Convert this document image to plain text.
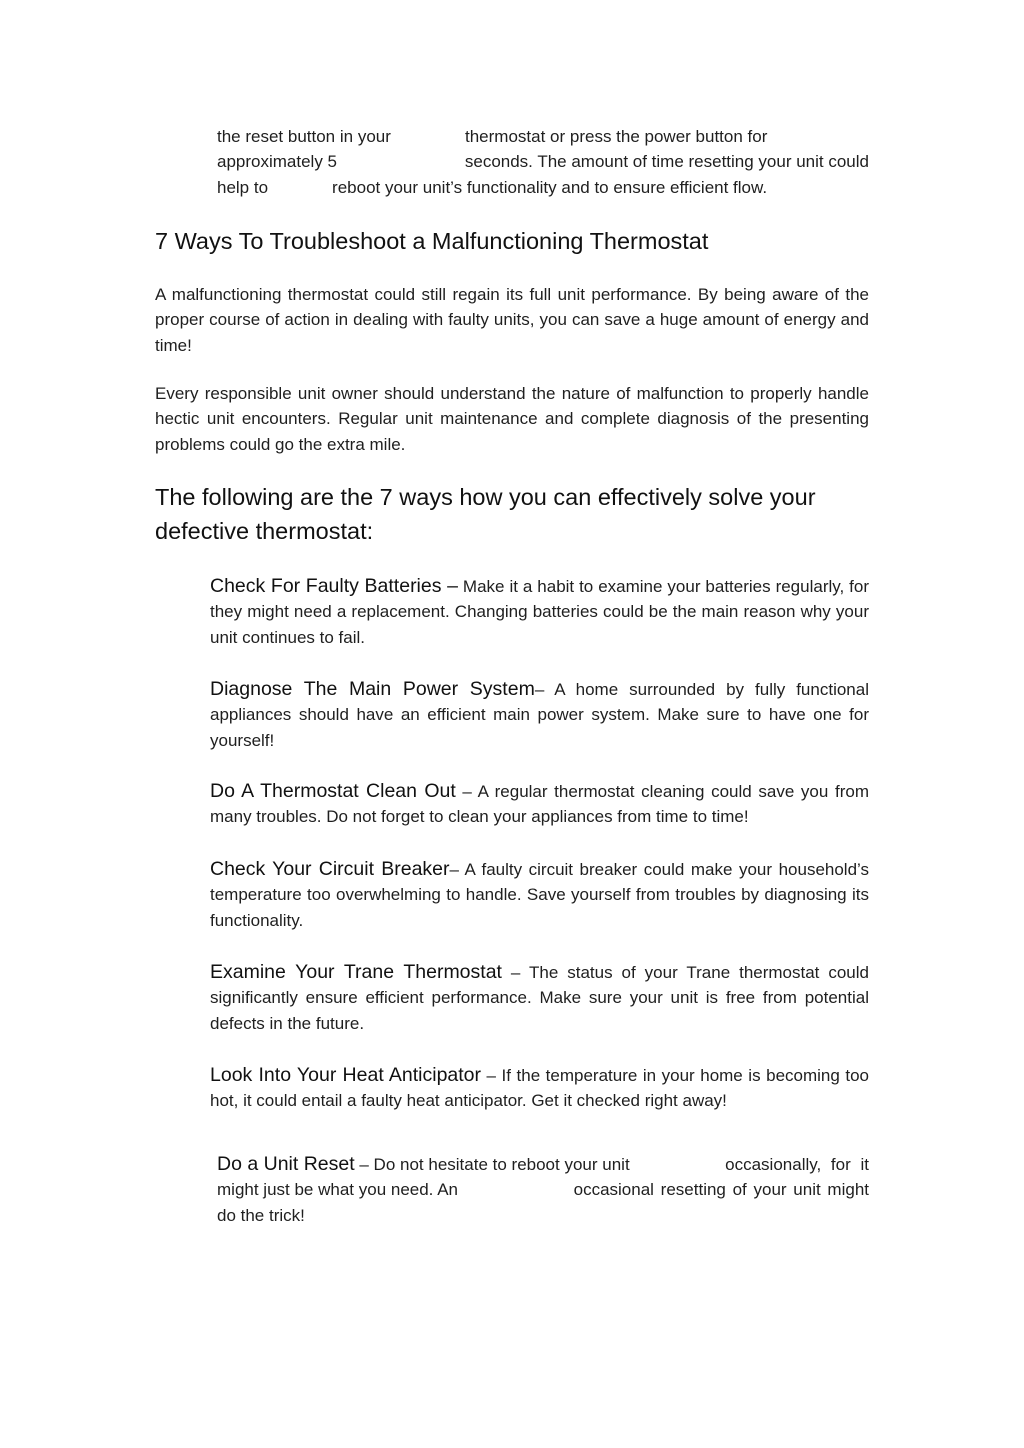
the reset button in your	thermostat or press the power button for
approximately 5	seconds. The amount of time resetting your unit could
help to	reboot your unit’s functionality and to ensure efficient flow.

7 Ways To Troubleshoot a Malfunctioning Thermostat

A malfunctioning thermostat could still regain its full unit performance. By being aware of the proper course of action in dealing with faulty units, you can save a huge amount of energy and time!

Every responsible unit owner should understand the nature of malfunction to properly handle hectic unit encounters. Regular unit maintenance and complete diagnosis of the presenting problems could go the extra mile.

The following are the 7 ways how you can effectively solve your defective thermostat:

Check For Faulty Batteries – Make it a habit to examine your batteries regularly, for they might need a replacement. Changing batteries could be the main reason why your unit continues to fail.

Diagnose The Main Power System– A home surrounded by fully functional appliances should have an efficient main power system. Make sure to have one for yourself!

Do A Thermostat Clean Out – A regular thermostat cleaning could save you from many troubles. Do not forget to clean your appliances from time to time!

Check Your Circuit Breaker– A faulty circuit breaker could make your household’s temperature too overwhelming to handle. Save yourself from troubles by diagnosing its functionality.

Examine Your Trane Thermostat – The status of your Trane thermostat could significantly ensure efficient performance. Make sure your unit is free from potential defects in the future.

Look Into Your Heat Anticipator – If the temperature in your home is becoming too hot, it could entail a faulty heat anticipator. Get it checked right away!

Do a Unit Reset – Do not hesitate to reboot your unit	occasionally, for it
might just be what you need. An	occasional resetting of your unit might
do the trick!
